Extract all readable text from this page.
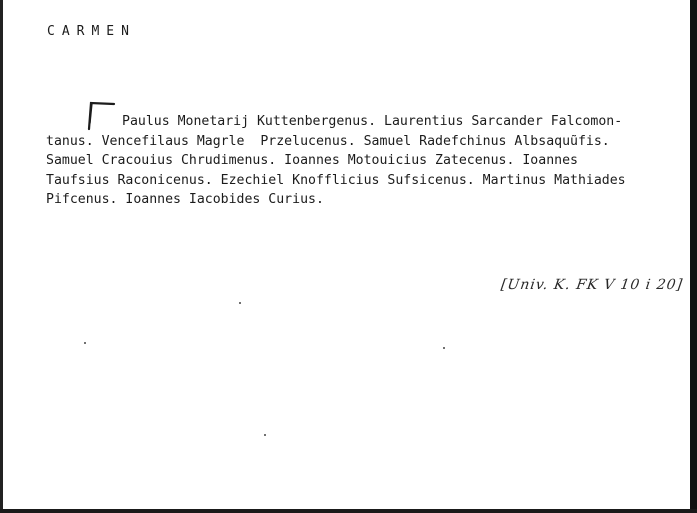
CARMEN
Paulus Monetarij Kuttenbergenus. Laurentius Sarcander Falcomon-
tanus. Vencefilaus Magrle  Przelucenus. Samuel Radefchinus Albsaquũfis.
Samuel Cracouius Chrudimenus. Ioannes Motouicius Zatecenus. Ioannes
Taufsius Raconicenus. Ezechiel Knofflicius Sufsicenus. Martinus Mathiades
Pifcenus. Ioannes Iacobides Curius.
[Univ. K. FK V 10 i 20]
